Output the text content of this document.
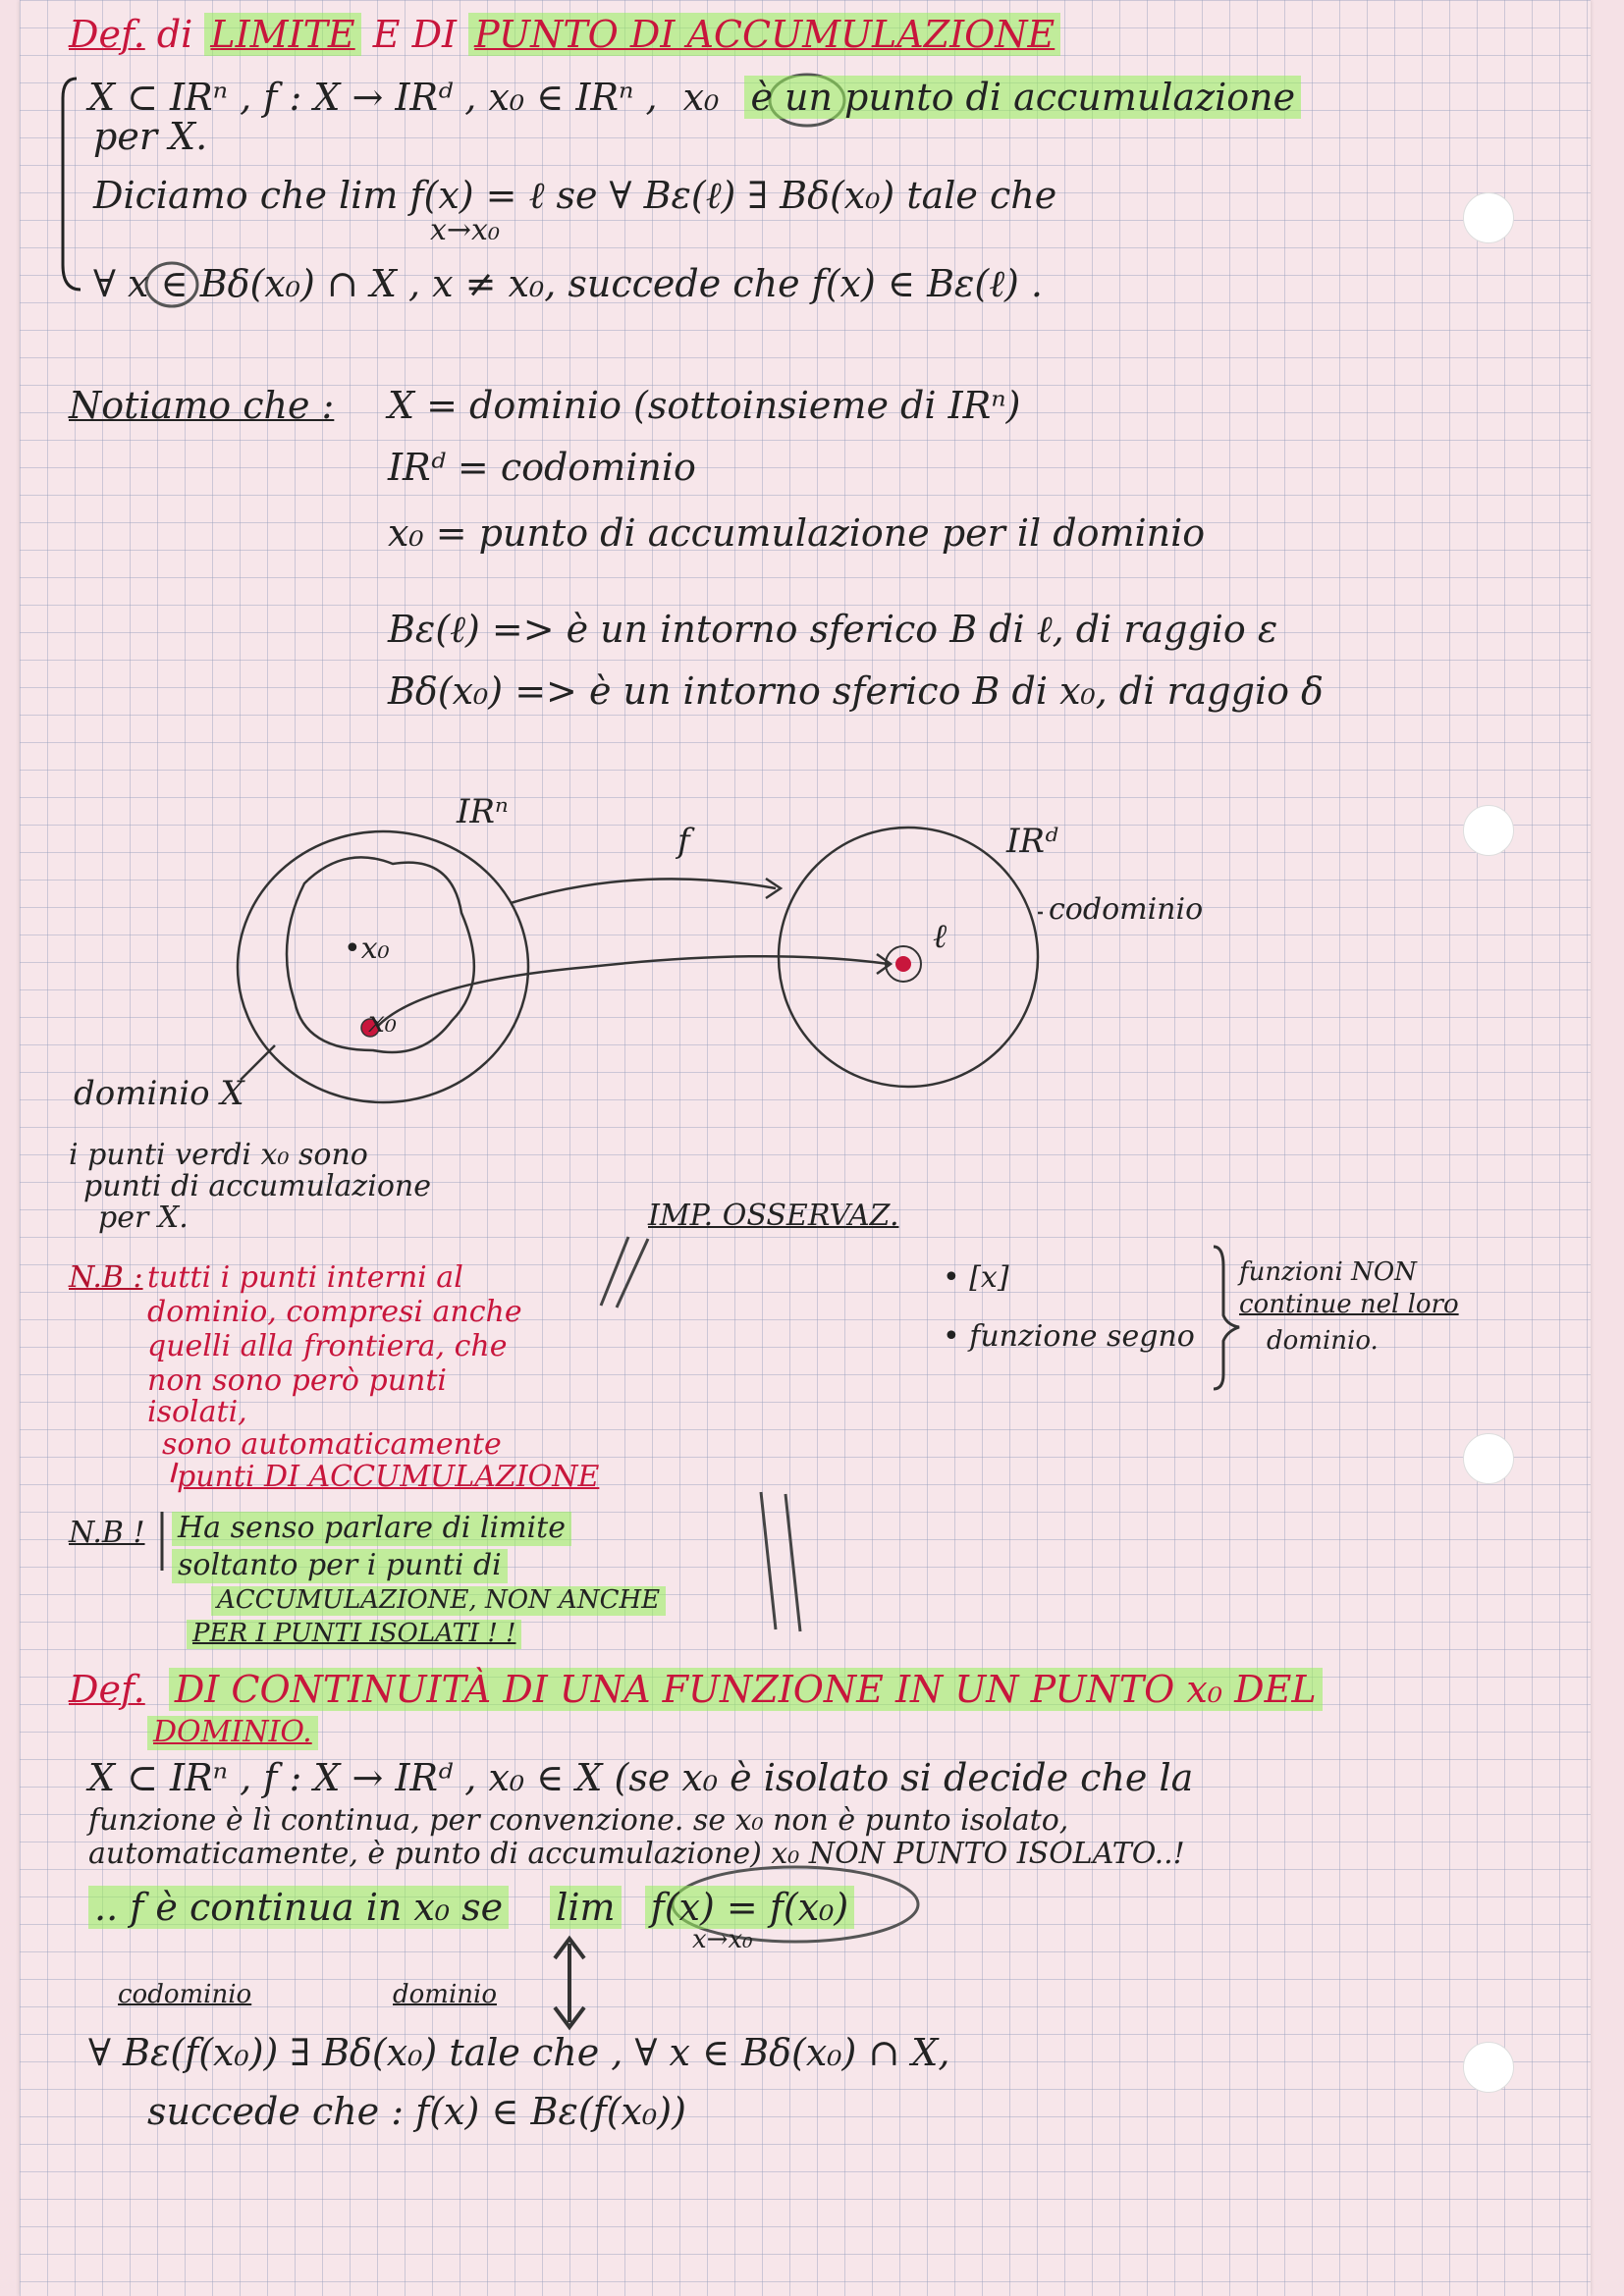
Def. di LIMITE E DI PUNTO DI ACCUMULAZIONE
X ⊂ IRⁿ , f : X → IRᵈ , x₀ ∈ IRⁿ , x₀ è un punto di accumulazione
per X.
Diciamo che lim f(x) = ℓ se ∀ Bε(ℓ) ∃ Bδ(x₀) tale che
x→x₀
∀ x ∈ Bδ(x₀) ∩ X , x ≠ x₀, succede che f(x) ∈ Bε(ℓ) .
Notiamo che : X = dominio (sottoinsieme di IRⁿ)
IRᵈ = codominio
x₀ = punto di accumulazione per il dominio
Bε(ℓ) => è un intorno sferico B di ℓ, di raggio ε
Bδ(x₀) => è un intorno sferico B di x₀, di raggio δ
IRⁿ
f	IRᵈ
codominio
•x₀
x₀
ℓ
dominio X
i punti verdi x₀ sono
punti di accumulazione
per X.	IMP. OSSERVAZ.
• [x]
• funzione segno
funzioni NON
continue nel loro
dominio.
N.B : tutti i punti interni al
dominio, compresi anche
quelli alla frontiera, che
non sono però punti
isolati,
sono automaticamente
punti DI ACCUMULAZIONE
N.B ! Ha senso parlare di limite
soltanto per i punti di
ACCUMULAZIONE, NON ANCHE
PER I PUNTI ISOLATI ! !
Def. DI CONTINUITÀ DI UNA FUNZIONE IN UN PUNTO x₀ DEL
DOMINIO.
X ⊂ IRⁿ , f : X → IRᵈ , x₀ ∈ X (se x₀ è isolato si decide che la
funzione è lì continua, per convenzione. se x₀ non è punto isolato,
automaticamente, è punto di accumulazione) x₀ NON PUNTO ISOLATO..!
.. f è continua in x₀ se lim f(x) = f(x₀)
x→x₀
codominio	dominio
∀ Bε(f(x₀)) ∃ Bδ(x₀) tale che , ∀ x ∈ Bδ(x₀) ∩ X,
succede che : f(x) ∈ Bε(f(x₀))
